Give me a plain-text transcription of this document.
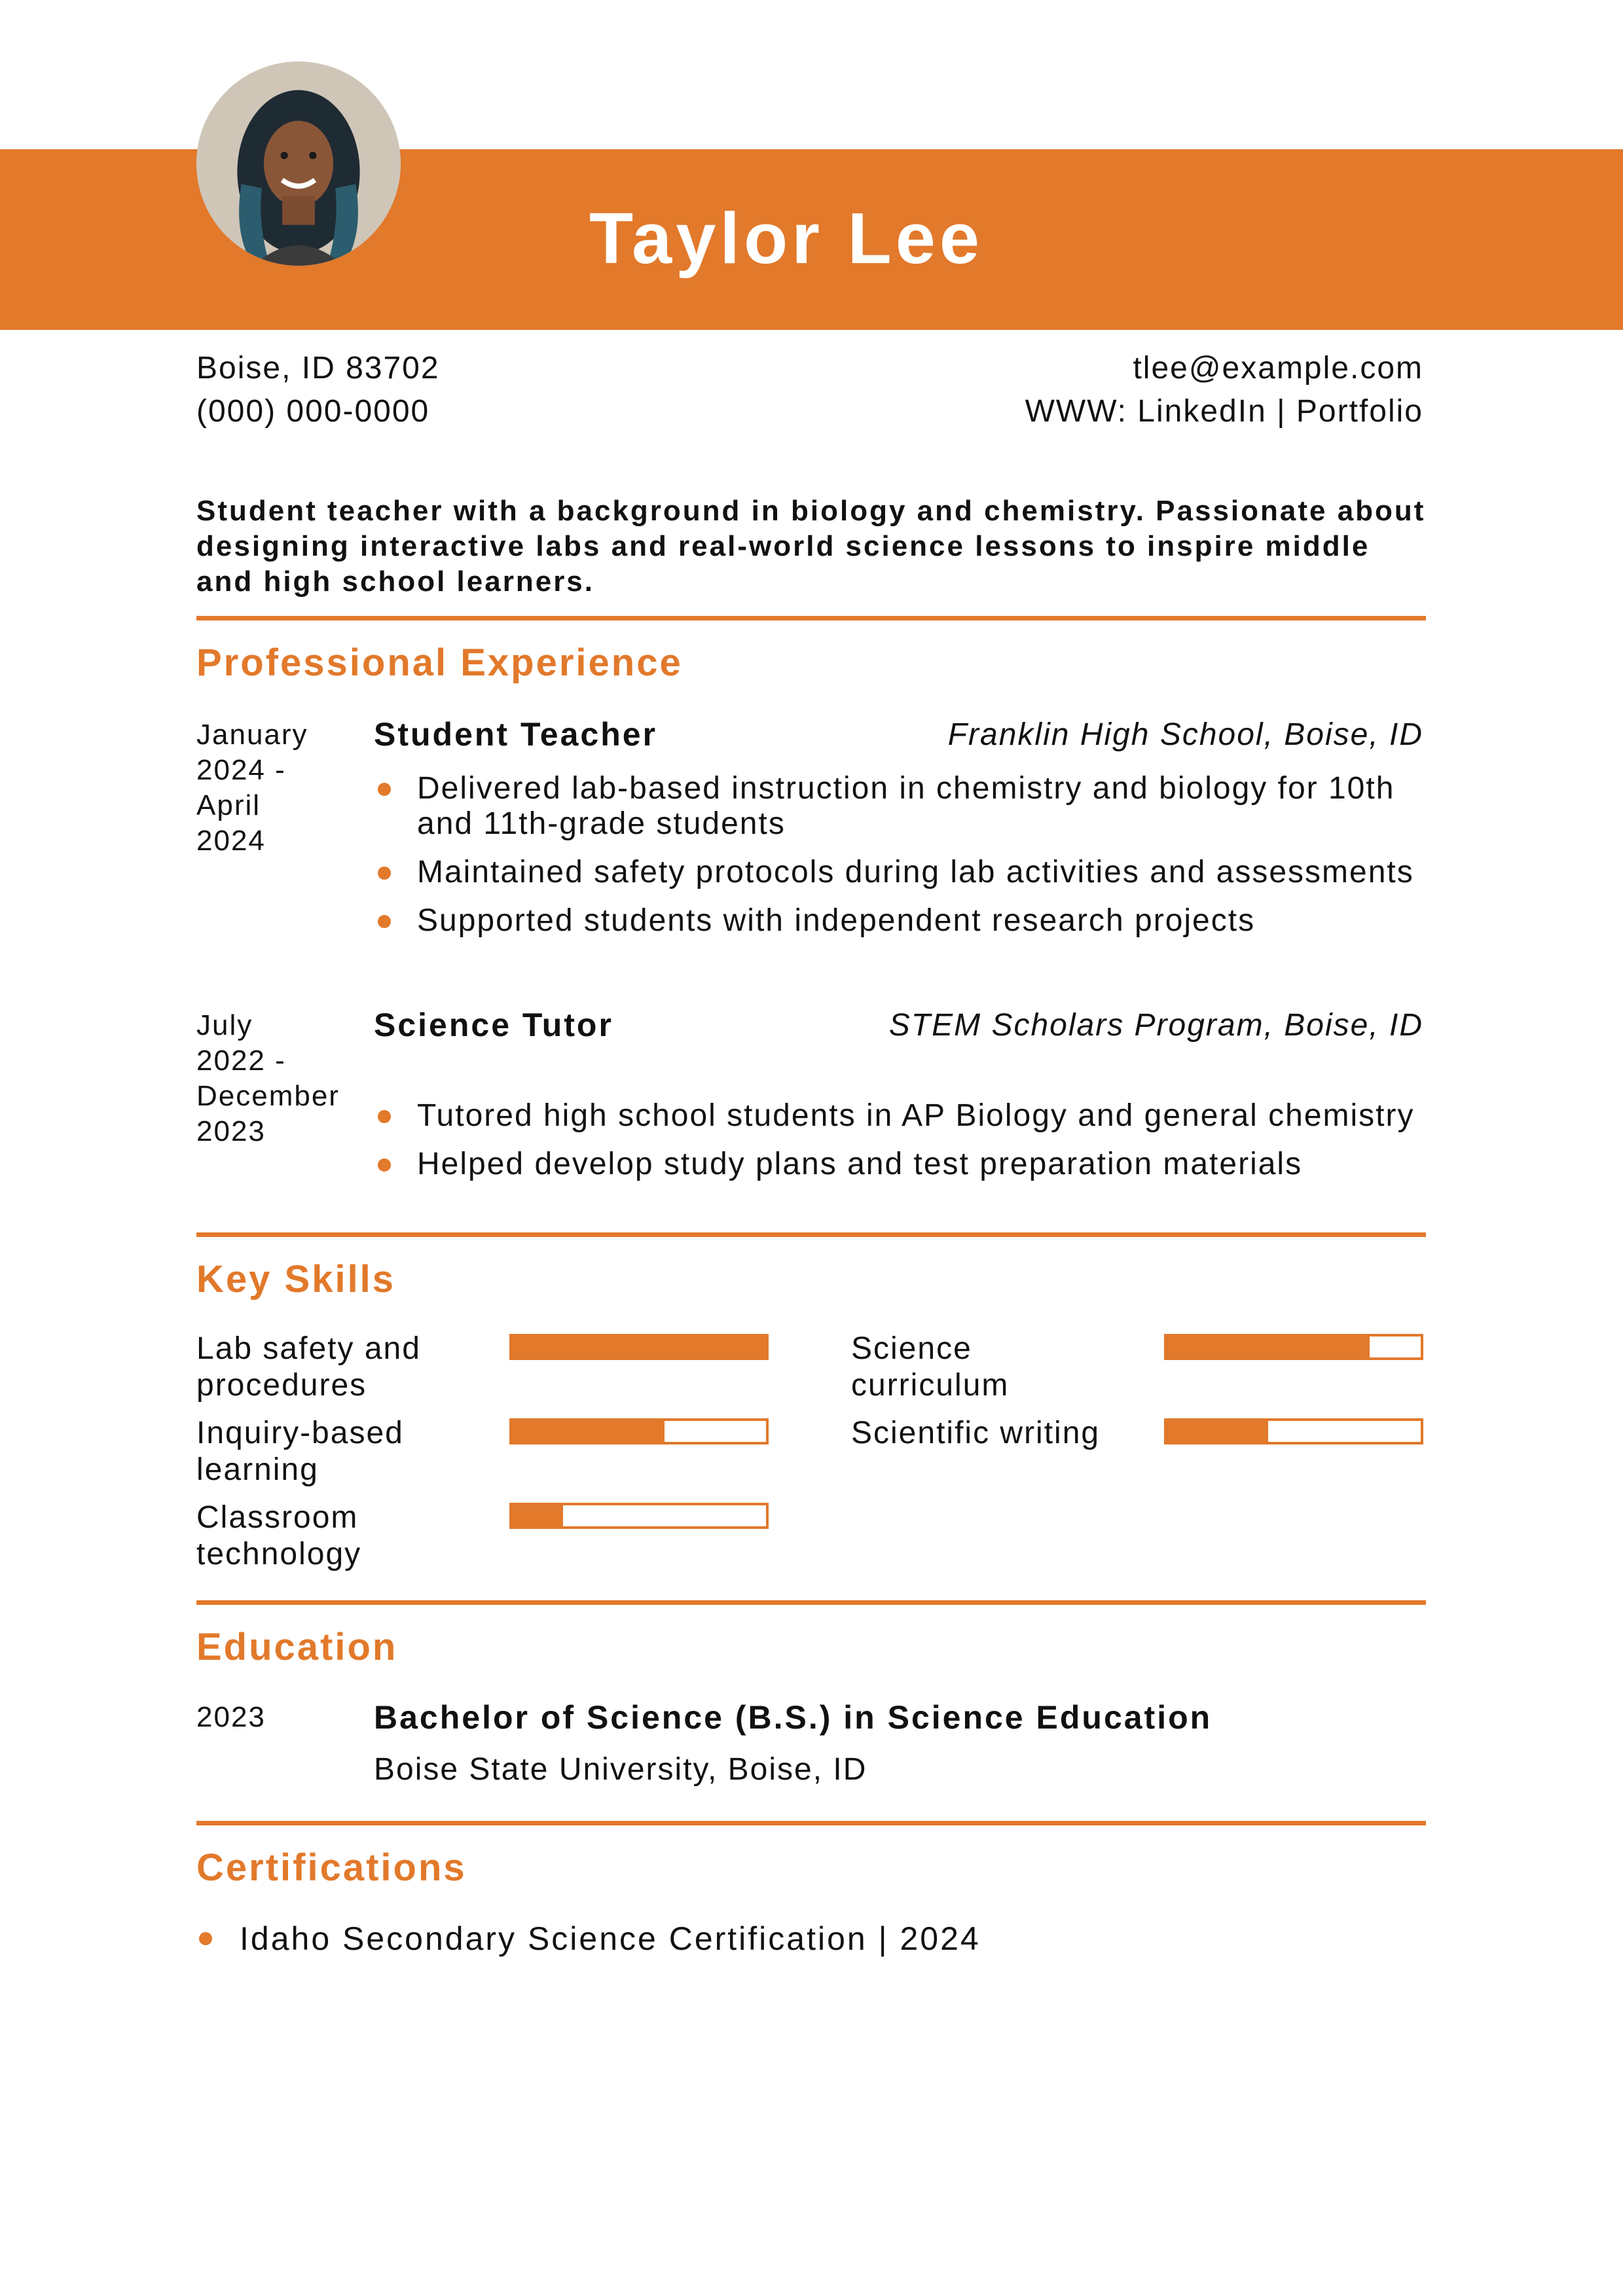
Taylor Lee
Boise, ID 83702
(000) 000-0000
tlee@example.com
WWW: LinkedIn | Portfolio
Student teacher with a background in biology and chemistry. Passionate about designing interactive labs and real-world science lessons to inspire middle and high school learners.
Professional Experience
January 2024 - April 2024
Student Teacher	Franklin High School, Boise, ID
Delivered lab-based instruction in chemistry and biology for 10th and 11th-grade students
Maintained safety protocols during lab activities and assessments
Supported students with independent research projects
July 2022 - December 2023
Science Tutor	STEM Scholars Program, Boise, ID
Tutored high school students in AP Biology and general chemistry
Helped develop study plans and test preparation materials
Key Skills
Lab safety and procedures
Science curriculum
Inquiry-based learning
Scientific writing
Classroom technology
Education
2023	Bachelor of Science (B.S.) in Science Education
Boise State University, Boise, ID
Certifications
Idaho Secondary Science Certification | 2024
